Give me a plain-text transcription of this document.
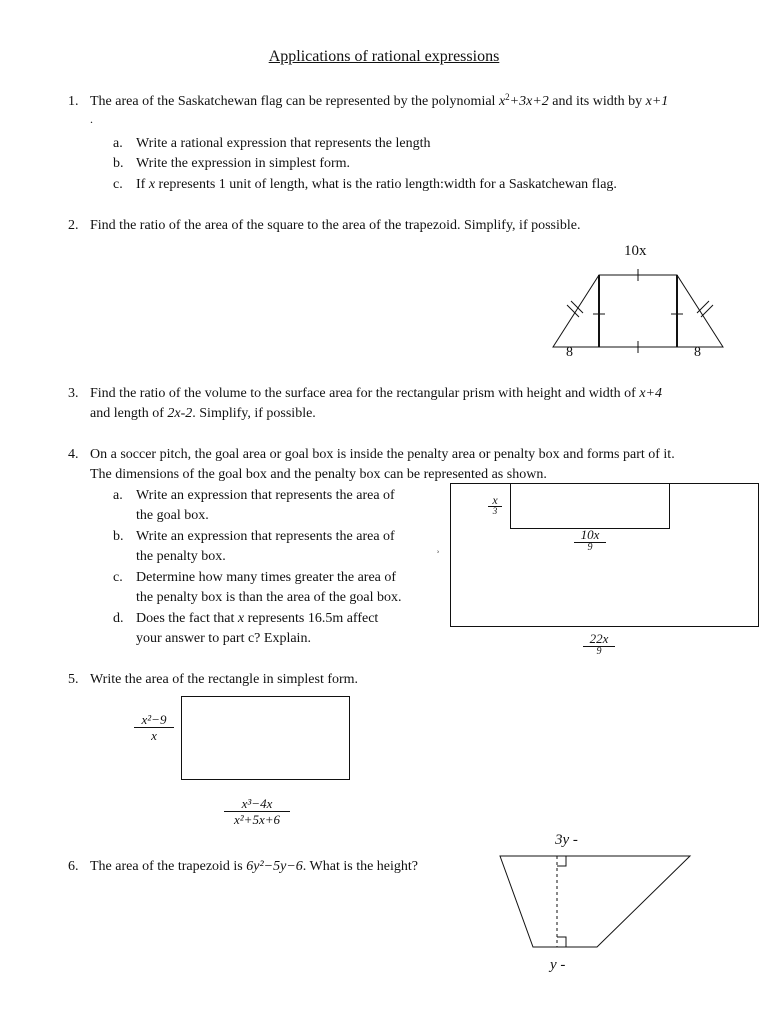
Applications of rational expressions
1. The area of the Saskatchewan flag can be represented by the polynomial $x^2+3x+2$ and its width by x+1
.
a. Write a rational expression that represents the length
b. Write the expression in simplest form.
c. If x represents 1 unit of length, what is the ratio length:width for a Saskatchewan flag.
2. Find the ratio of the area of the square to the area of the trapezoid. Simplify, if possible.
10x
8	8
3. Find the ratio of the volume to the surface area for the rectangular prism with height and width of x+4
and length of 2x-2. Simplify, if possible.
4. On a soccer pitch, the goal area or goal box is inside the penalty area or penalty box and forms part of it.
The dimensions of the goal box and the penalty box can be represented as shown.
a. Write an expression that represents the area of
the goal box.
b. Write an expression that represents the area of
the penalty box.
c. Determine how many times greater the area of
the penalty box is than the area of the goal box.
d. Does the fact that x represents 16.5m affect
your answer to part c? Explain.
x
3
10x
9
ʾ
22x
9
5. Write the area of the rectangle in simplest form.
$\frac{\text{x²−9}}{x}$
$\frac{\text{x³−4x}}{\text{x²+5x+6}}$
6. The area of the trapezoid is 6y²−5y−6. What is the height?
3y -
y -
